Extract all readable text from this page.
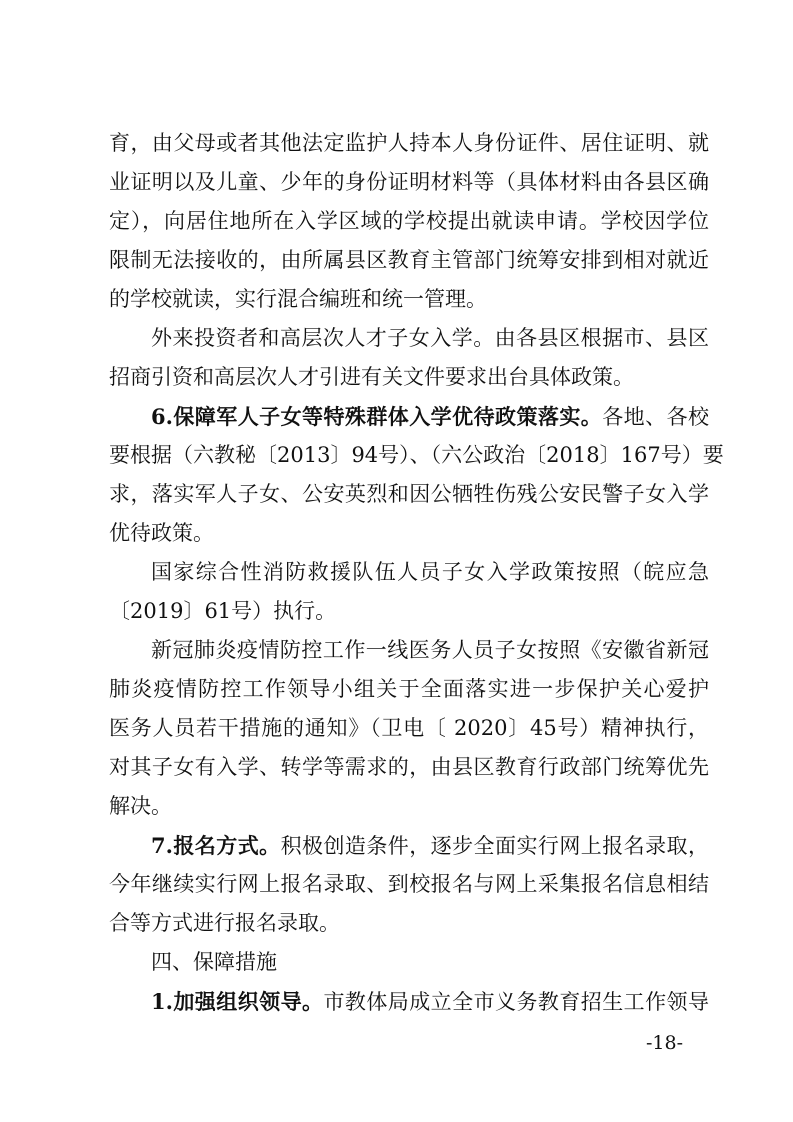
育，由父母或者其他法定监护人持本人身份证件、居住证明、就
业证明以及儿童、少年的身份证明材料等（具体材料由各县区确
定），向居住地所在入学区域的学校提出就读申请。学校因学位
限制无法接收的，由所属县区教育主管部门统筹安排到相对就近
的学校就读，实行混合编班和统一管理。
外来投资者和高层次人才子女入学。由各县区根据市、县区
招商引资和高层次人才引进有关文件要求出台具体政策。
6.保障军人子女等特殊群体入学优待政策落实。各地、各校
要根据（六教秘〔2013〕94号）、（六公政治〔2018〕167号）要
求，落实军人子女、公安英烈和因公牺牲伤残公安民警子女入学
优待政策。
国家综合性消防救援队伍人员子女入学政策按照（皖应急
〔2019〕61号）执行。
新冠肺炎疫情防控工作一线医务人员子女按照《安徽省新冠
肺炎疫情防控工作领导小组关于全面落实进一步保护关心爱护
医务人员若干措施的通知》（卫电〔 2020〕45号）精神执行，
对其子女有入学、转学等需求的，由县区教育行政部门统筹优先
解决。
7.报名方式。积极创造条件，逐步全面实行网上报名录取，
今年继续实行网上报名录取、到校报名与网上采集报名信息相结
合等方式进行报名录取。
四、保障措施
1.加强组织领导。市教体局成立全市义务教育招生工作领导
-18-
